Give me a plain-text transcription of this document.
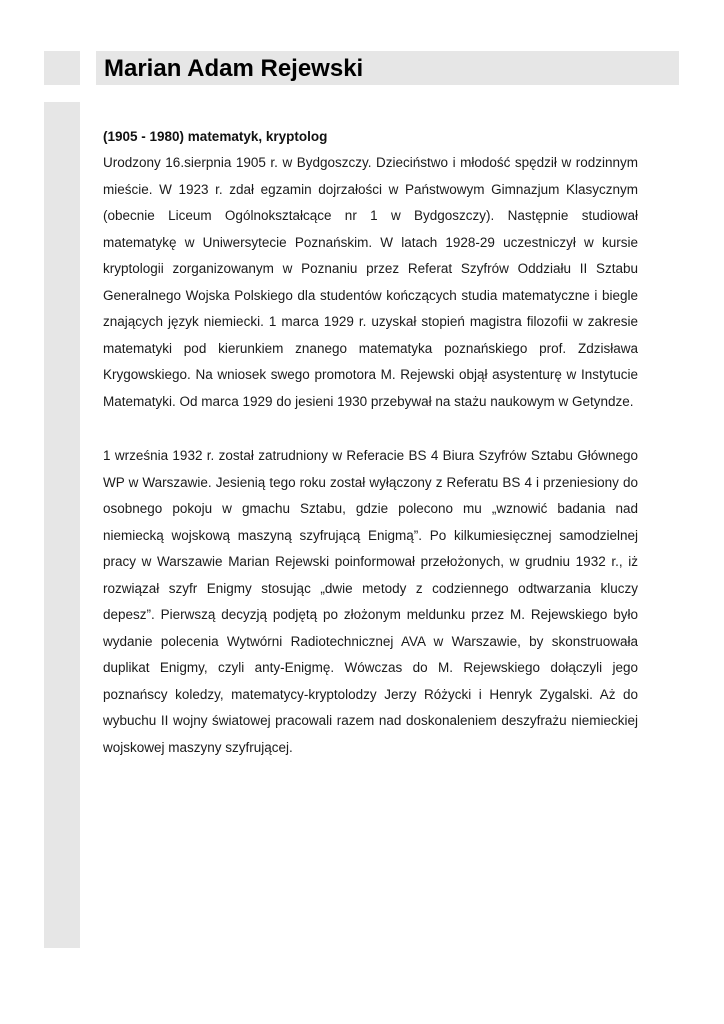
Marian Adam Rejewski

(1905 - 1980) matematyk, kryptolog

Urodzony 16.sierpnia 1905 r. w Bydgoszczy. Dzieciństwo i młodość spędził w rodzinnym mieście. W 1923 r. zdał egzamin dojrzałości w Państwowym Gimnazjum Klasycznym (obecnie Liceum Ogólnokształcące nr 1 w Bydgoszczy). Następnie studiował matematykę w Uniwersytecie Poznańskim. W latach 1928-29 uczestniczył w kursie kryptologii zorganizowanym w Poznaniu przez Referat Szyfrów Oddziału II Sztabu Generalnego Wojska Polskiego dla studentów kończących studia matematyczne i biegle znających język niemiecki. 1 marca 1929 r. uzyskał stopień magistra filozofii w zakresie matematyki pod kierunkiem znanego matematyka poznańskiego prof. Zdzisława Krygowskiego. Na wniosek swego promotora M. Rejewski objął asystenturę w Instytucie Matematyki. Od marca 1929 do jesieni 1930 przebywał na stażu naukowym w Getyndze.

1 września 1932 r. został zatrudniony w Referacie BS 4 Biura Szyfrów Sztabu Głównego WP w Warszawie. Jesienią tego roku został wyłączony z Referatu BS 4 i przeniesiony do osobnego pokoju w gmachu Sztabu, gdzie polecono mu „wznowić badania nad niemiecką wojskową maszyną szyfrującą Enigmą”. Po kilkumiesięcznej samodzielnej pracy w Warszawie Marian Rejewski poinformował przełożonych, w grudniu 1932 r., iż rozwiązał szyfr Enigmy stosując „dwie metody z codziennego odtwarzania kluczy depesz”. Pierwszą decyzją podjętą po złożonym meldunku przez M. Rejewskiego było wydanie polecenia Wytwórni Radiotechnicznej AVA w Warszawie, by skonstruowała duplikat Enigmy, czyli anty-Enigmę. Wówczas do M. Rejewskiego dołączyli jego poznańscy koledzy, matematycy-kryptolodzy Jerzy Różycki i Henryk Zygalski. Aż do wybuchu II wojny światowej pracowali razem nad doskonaleniem deszyfrażu niemieckiej wojskowej maszyny szyfrującej.
